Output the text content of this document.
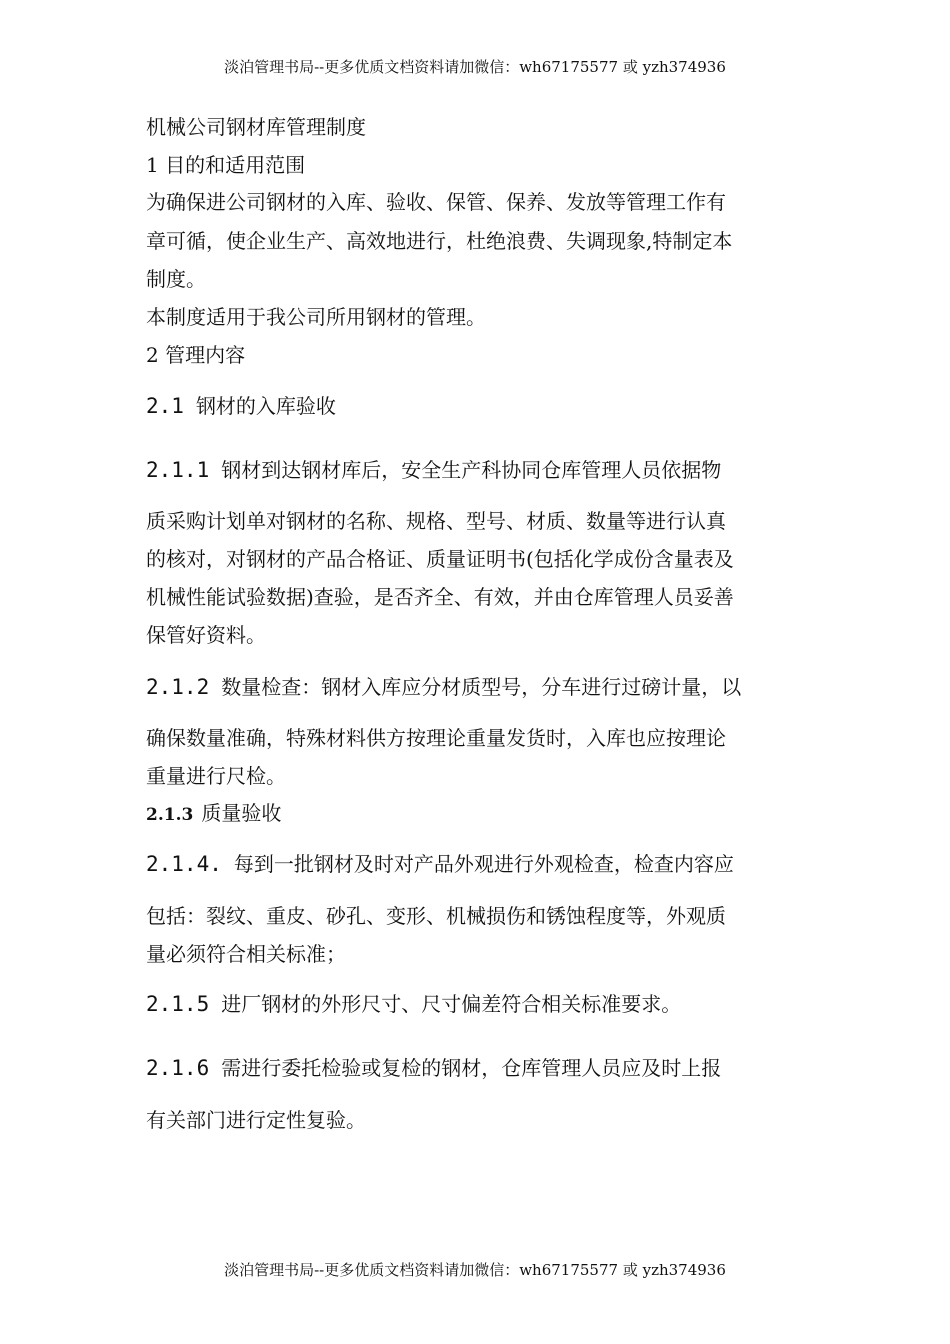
淡泊管理书局--更多优质文档资料请加微信：wh67175577 或 yzh374936
机械公司钢材库管理制度
1 目的和适用范围
为确保进公司钢材的入库、验收、保管、保养、发放等管理工作有
章可循，使企业生产、高效地进行，杜绝浪费、失调现象,特制定本
制度。
本制度适用于我公司所用钢材的管理。
2 管理内容
2.1 钢材的入库验收
2.1.1 钢材到达钢材库后，安全生产科协同仓库管理人员依据物
质采购计划单对钢材的名称、规格、型号、材质、数量等进行认真
的核对，对钢材的产品合格证、质量证明书(包括化学成份含量表及
机械性能试验数据)查验，是否齐全、有效，并由仓库管理人员妥善
保管好资料。
2.1.2 数量检查：钢材入库应分材质型号，分车进行过磅计量，以
确保数量准确，特殊材料供方按理论重量发货时，入库也应按理论
重量进行尺检。
2.1.3 质量验收
2.1.4. 每到一批钢材及时对产品外观进行外观检查，检查内容应
包括：裂纹、重皮、砂孔、变形、机械损伤和锈蚀程度等，外观质
量必须符合相关标准；
2.1.5 进厂钢材的外形尺寸、尺寸偏差符合相关标准要求。
2.1.6 需进行委托检验或复检的钢材，仓库管理人员应及时上报
有关部门进行定性复验。
淡泊管理书局--更多优质文档资料请加微信：wh67175577 或 yzh374936
